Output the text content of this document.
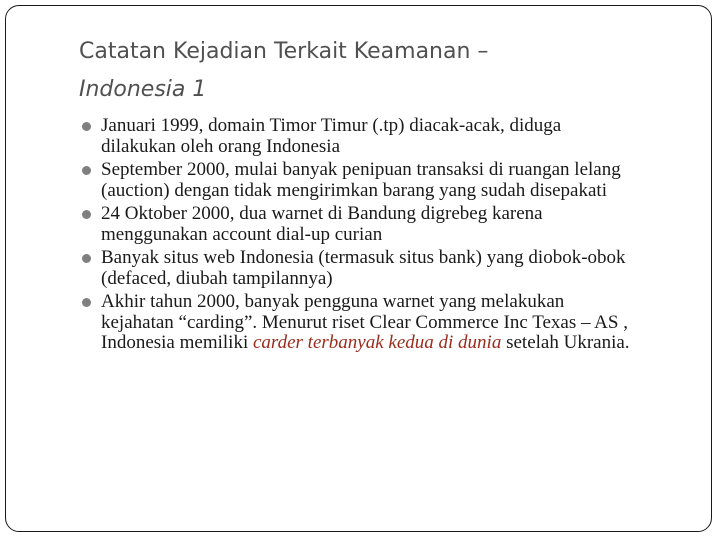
Catatan Kejadian Terkait Keamanan –
Indonesia 1
Januari 1999, domain Timor Timur (.tp) diacak-acak, diduga dilakukan oleh orang Indonesia
September 2000, mulai banyak penipuan transaksi di ruangan lelang (auction) dengan tidak mengirimkan barang yang sudah disepakati
24 Oktober 2000, dua warnet di Bandung digrebeg karena menggunakan account dial-up curian
Banyak situs web Indonesia (termasuk situs bank) yang diobok-obok (defaced, diubah tampilannya)
Akhir tahun 2000, banyak pengguna warnet yang melakukan kejahatan “carding”. Menurut riset Clear Commerce Inc Texas – AS , Indonesia memiliki carder terbanyak kedua di dunia setelah Ukrania.
